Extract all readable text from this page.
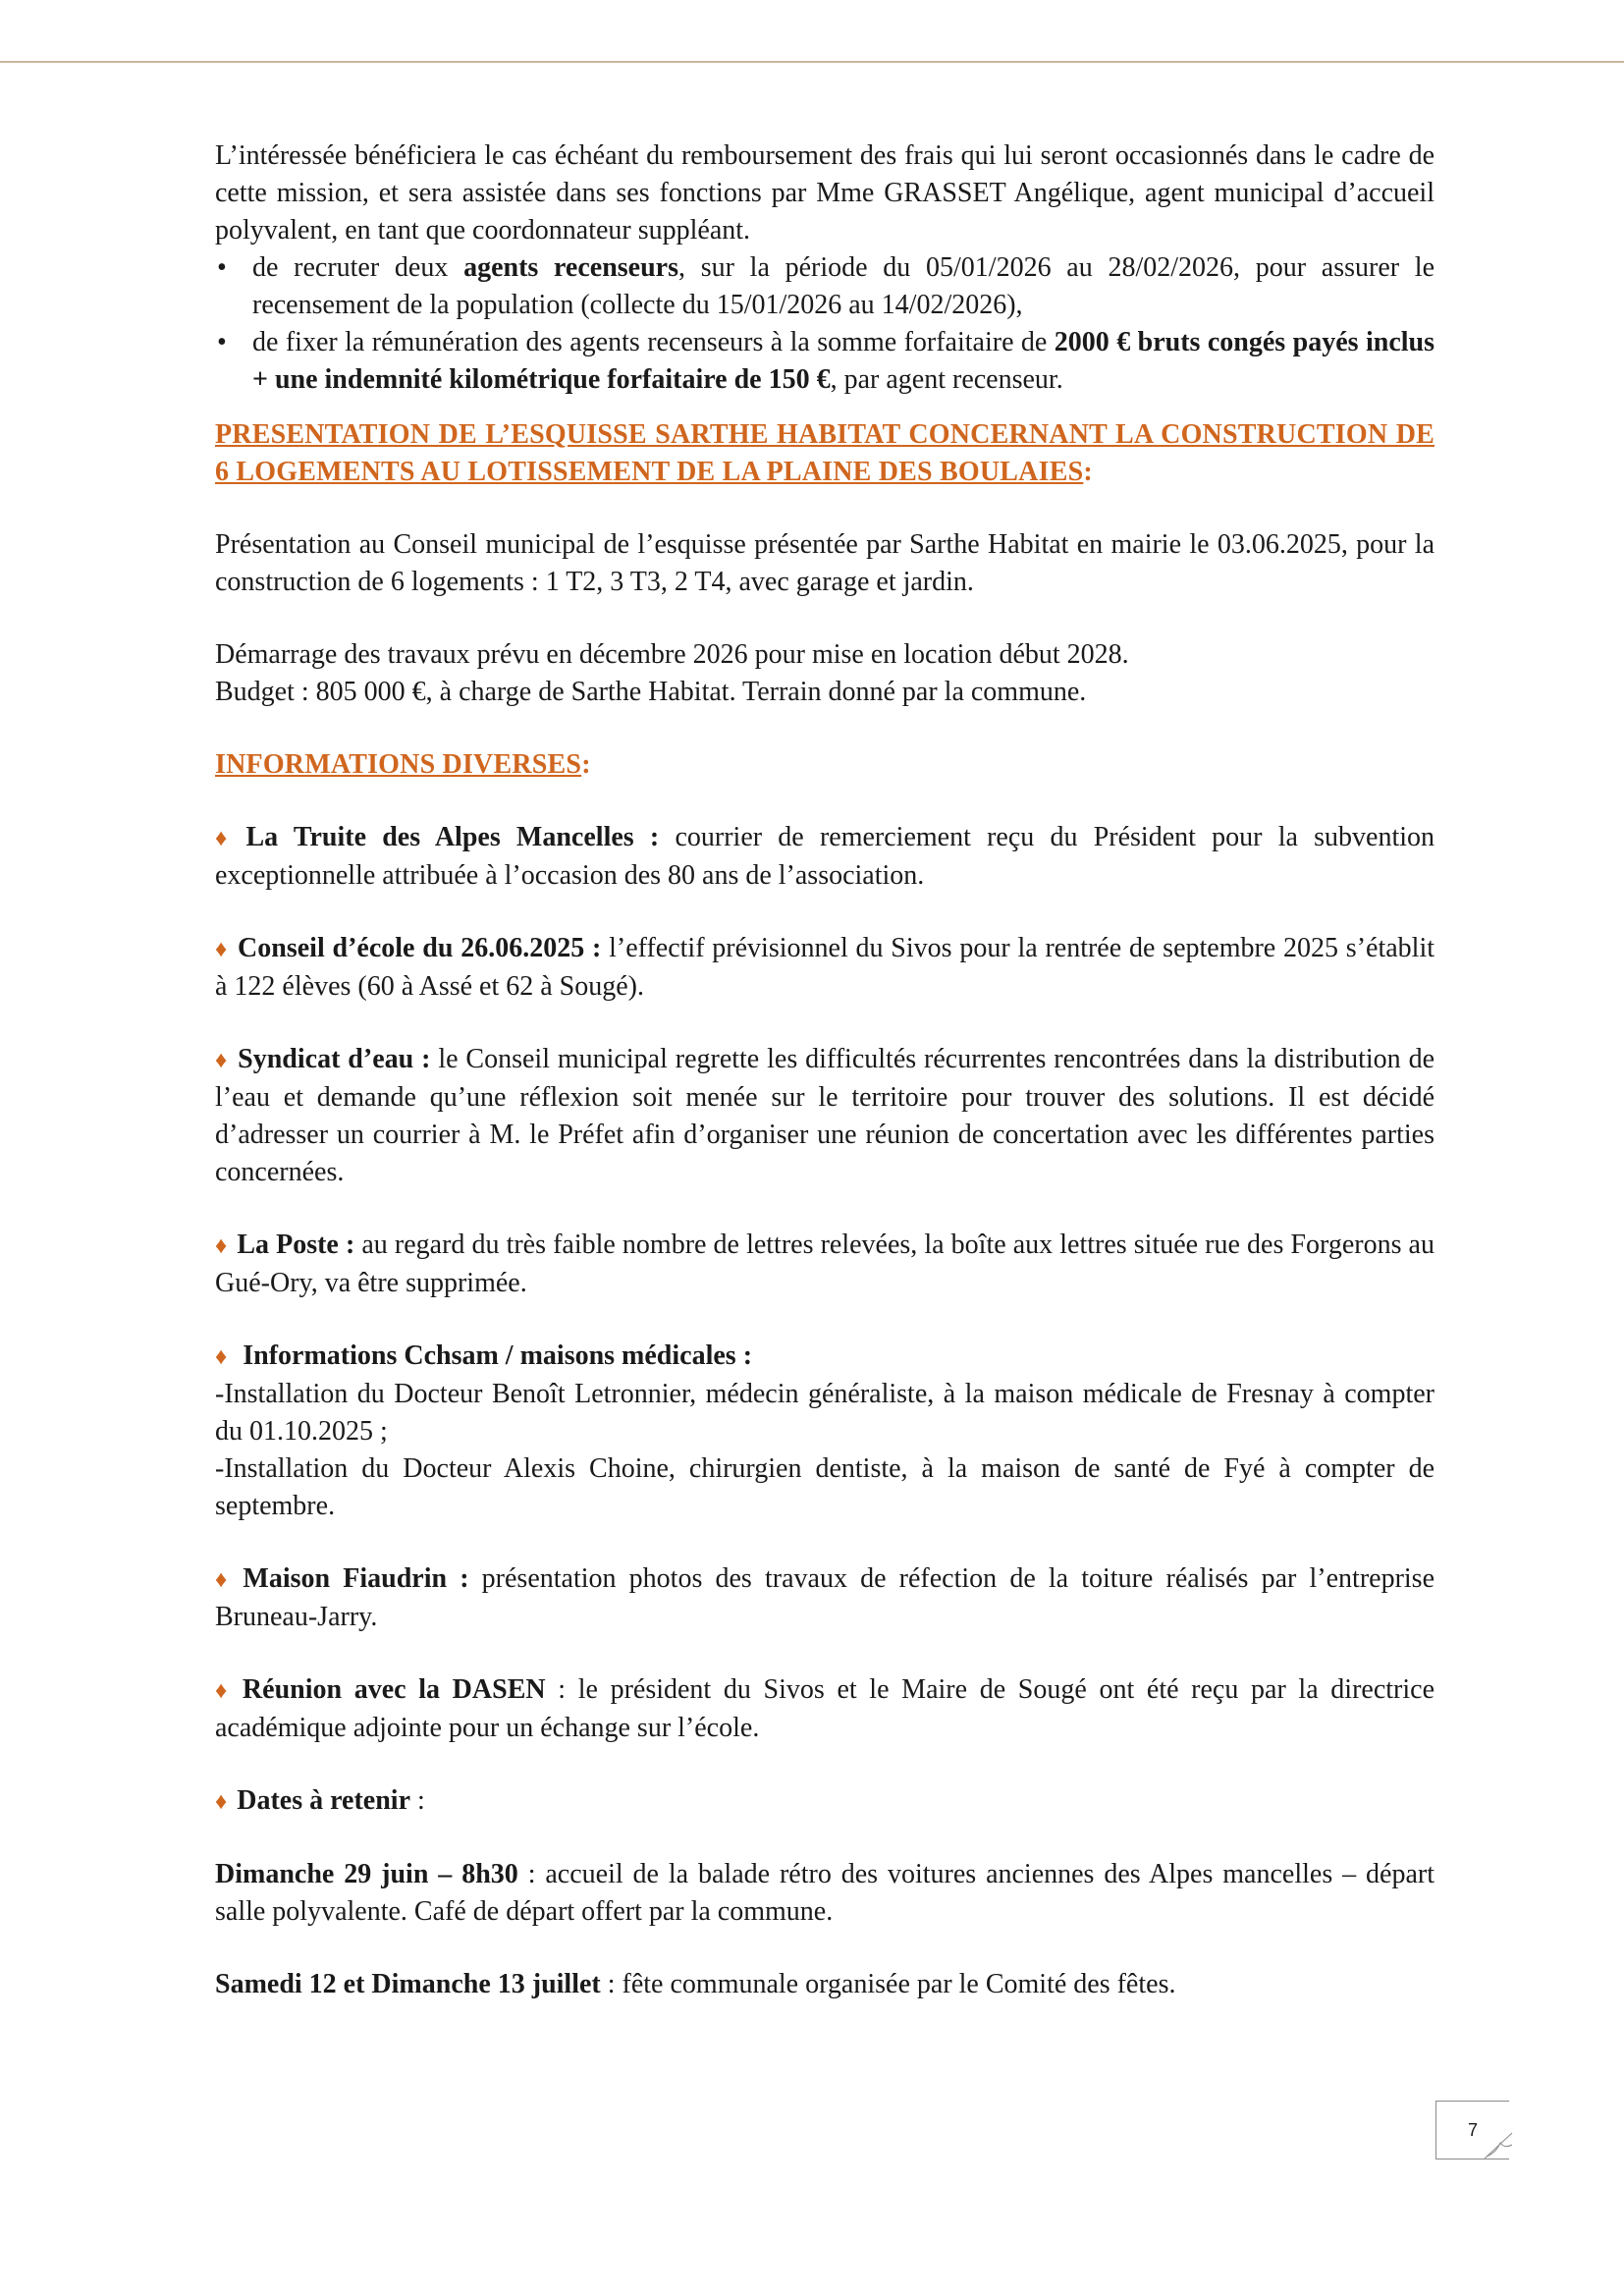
L’intéressée bénéficiera le cas échéant du remboursement des frais qui lui seront occasionnés dans le cadre de cette mission, et sera assistée dans ses fonctions par Mme GRASSET Angélique, agent municipal d’accueil polyvalent, en tant que coordonnateur suppléant.

• de recruter deux agents recenseurs, sur la période du 05/01/2026 au 28/02/2026, pour assurer le recensement de la population (collecte du 15/01/2026 au 14/02/2026),

• de fixer la rémunération des agents recenseurs à la somme forfaitaire de 2000 € bruts congés payés inclus + une indemnité kilométrique forfaitaire de 150 €, par agent recenseur.

PRESENTATION DE L’ESQUISSE SARTHE HABITAT CONCERNANT LA CONSTRUCTION DE 6 LOGEMENTS AU LOTISSEMENT DE LA PLAINE DES BOULAIES:

Présentation au Conseil municipal de l’esquisse présentée par Sarthe Habitat en mairie le 03.06.2025, pour la construction de 6 logements : 1 T2, 3 T3, 2 T4, avec garage et jardin.

Démarrage des travaux prévu en décembre 2026 pour mise en location début 2028.

Budget : 805 000 €, à charge de Sarthe Habitat. Terrain donné par la commune.

INFORMATIONS DIVERSES:

♦ La Truite des Alpes Mancelles : courrier de remerciement reçu du Président pour la subvention exceptionnelle attribuée à l’occasion des 80 ans de l’association.

♦ Conseil d’école du 26.06.2025 : l’effectif prévisionnel du Sivos pour la rentrée de septembre 2025 s’établit à 122 élèves (60 à Assé et 62 à Sougé).

♦ Syndicat d’eau : le Conseil municipal regrette les difficultés récurrentes rencontrées dans la distribution de l’eau et demande qu’une réflexion soit menée sur le territoire pour trouver des solutions. Il est décidé d’adresser un courrier à M. le Préfet afin d’organiser une réunion de concertation avec les différentes parties concernées.

♦ La Poste : au regard du très faible nombre de lettres relevées, la boîte aux lettres située rue des Forgerons au Gué-Ory, va être supprimée.

♦ Informations Cchsam / maisons médicales :

-Installation du Docteur Benoît Letronnier, médecin généraliste, à la maison médicale de Fresnay à compter du 01.10.2025 ;

-Installation du Docteur Alexis Choine, chirurgien dentiste, à la maison de santé de Fyé à compter de septembre.

♦ Maison Fiaudrin : présentation photos des travaux de réfection de la toiture réalisés par l’entreprise Bruneau-Jarry.

♦ Réunion avec la DASEN : le président du Sivos et le Maire de Sougé ont été reçu par la directrice académique adjointe pour un échange sur l’école.

♦ Dates à retenir :

Dimanche 29 juin – 8h30 : accueil de la balade rétro des voitures anciennes des Alpes mancelles – départ salle polyvalente. Café de départ offert par la commune.

Samedi 12 et Dimanche 13 juillet : fête communale organisée par le Comité des fêtes.

7
